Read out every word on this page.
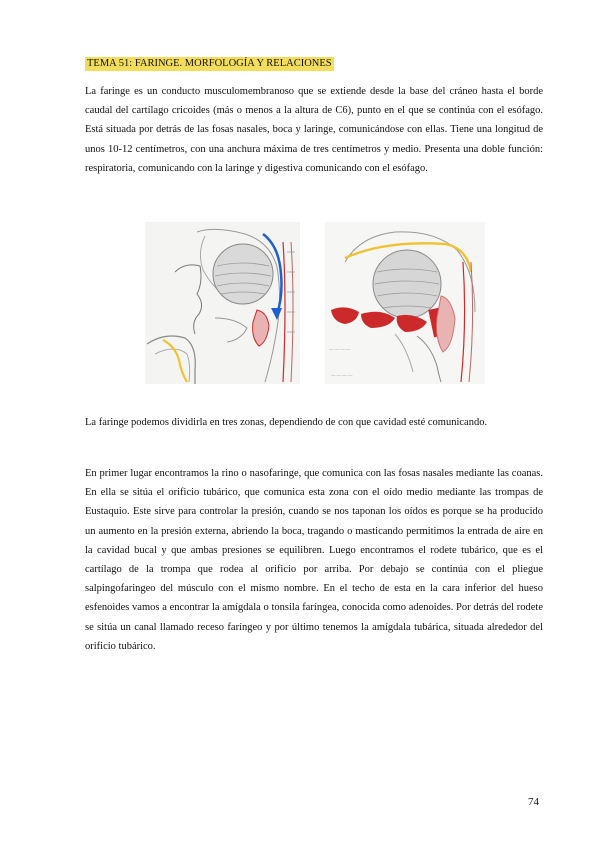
TEMA 51: FARINGE. MORFOLOGÍA Y RELACIONES

La faringe es un conducto musculomembranoso que se extiende desde la base del cráneo hasta el borde caudal del cartílago cricoides (más o menos a la altura de C6), punto en el que se continúa con el esófago. Está situada por detrás de las fosas nasales, boca y laringe, comunicándose con ellas. Tiene una longitud de unos 10-12 centímetros, con una anchura máxima de tres centímetros y medio. Presenta una doble función: respiratoria, comunicando con la laringe y digestiva comunicando con el esófago.

— — — —
— — — —

La faringe podemos dividirla en tres zonas, dependiendo de con que cavidad esté comunicando.

En primer lugar encontramos la rino o nasofaringe, que comunica con las fosas nasales mediante las coanas. En ella se sitúa el orificio tubárico, que comunica esta zona con el oído medio mediante las trompas de Eustaquio. Este sirve para controlar la presión, cuando se nos taponan los oídos es porque se ha producido un aumento en la presión externa, abriendo la boca, tragando o masticando permitimos la entrada de aire en la cavidad bucal y que ambas presiones se equilibren. Luego encontramos el rodete tubárico, que es el cartílago de la trompa que rodea al orificio por arriba. Por debajo se continúa con el pliegue salpingofaringeo del músculo con el mismo nombre. En el techo de esta en la cara inferior del hueso esfenoides vamos a encontrar la amígdala o tonsila faríngea, conocida como adenoides. Por detrás del rodete se sitúa un canal llamado receso faríngeo y por último tenemos la amígdala tubárica, situada alrededor del orificio tubárico.

74
